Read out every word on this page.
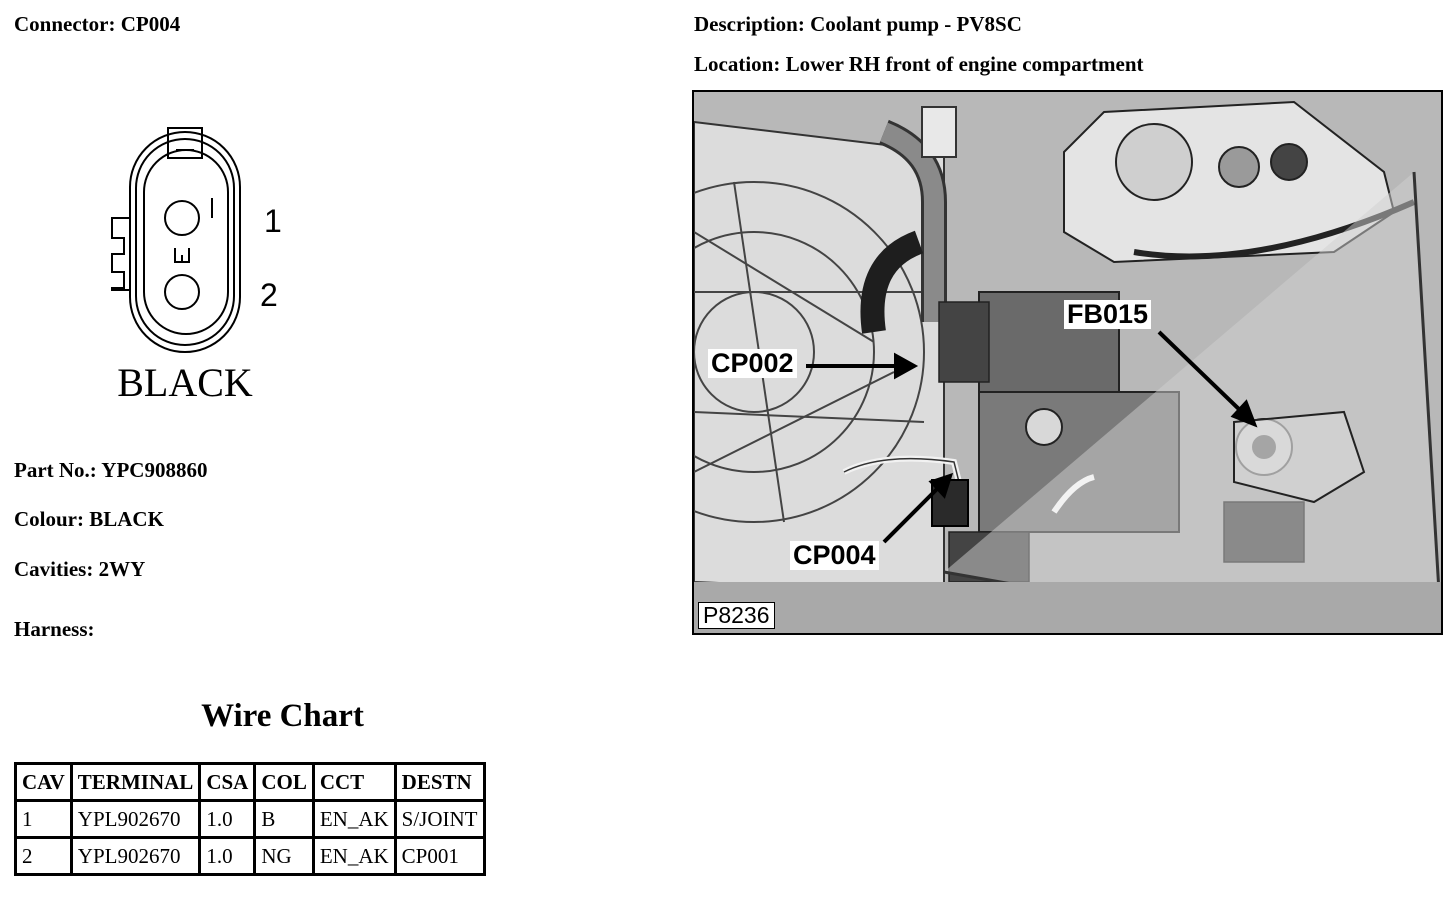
Connector: CP004	Description: Coolant pump - PV8SC
Location: Lower RH front of engine compartment
1
2
BLACK
Part No.: YPC908860
Colour: BLACK
Cavities: 2WY
Harness:
Wire Chart
CAV	TERMINAL	CSA	COL	CCT	DESTN
1	YPL902670	1.0	B	EN_AK	S/JOINT
2	YPL902670	1.0	NG	EN_AK	CP001
CP002
FB015
CP004
P8236
